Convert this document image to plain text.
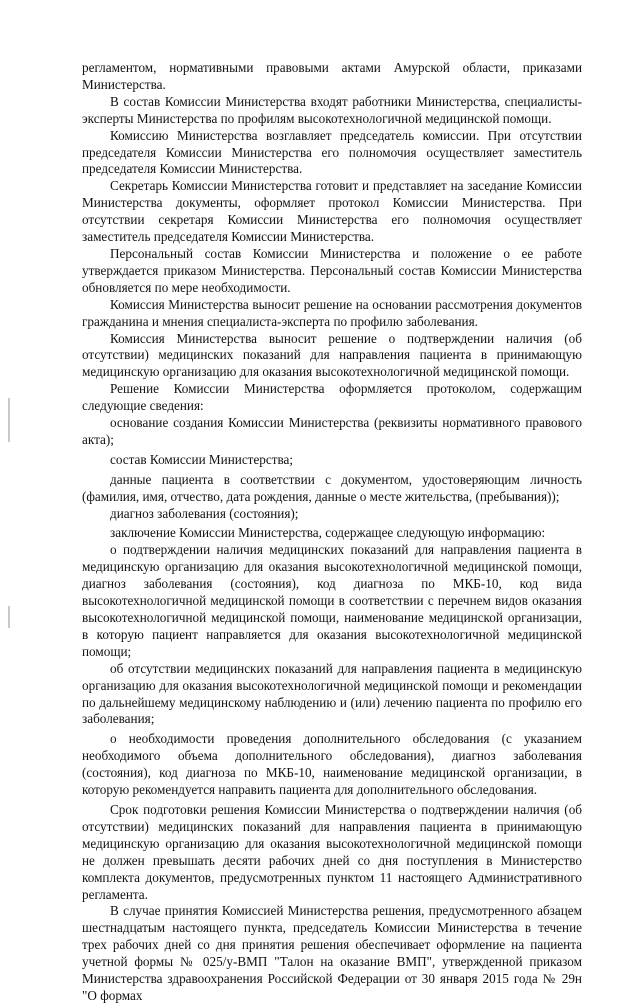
регламентом, нормативными правовыми актами Амурской области, приказами Министерства.

В состав Комиссии Министерства входят работники Министерства, специалисты-эксперты Министерства по профилям высокотехнологичной медицинской помощи.

Комиссию Министерства возглавляет председатель комиссии. При отсутствии председателя Комиссии Министерства его полномочия осуществляет заместитель председателя Комиссии Министерства.

Секретарь Комиссии Министерства готовит и представляет на заседание Комиссии Министерства документы, оформляет протокол Комиссии Министерства. При отсутствии секретаря Комиссии Министерства его полномочия осуществляет заместитель председателя Комиссии Министерства.

Персональный состав Комиссии Министерства и положение о ее работе утверждается приказом Министерства. Персональный состав Комиссии Министерства обновляется по мере необходимости.

Комиссия Министерства выносит решение на основании рассмотрения документов гражданина и мнения специалиста-эксперта по профилю заболевания.

Комиссия Министерства выносит решение о подтверждении наличия (об отсутствии) медицинских показаний для направления пациента в принимающую медицинскую организацию для оказания высокотехнологичной медицинской помощи.

Решение Комиссии Министерства оформляется протоколом, содержащим следующие сведения:

основание создания Комиссии Министерства (реквизиты нормативного правового акта);

состав Комиссии Министерства;

данные пациента в соответствии с документом, удостоверяющим личность (фамилия, имя, отчество, дата рождения, данные о месте жительства, (пребывания));

диагноз заболевания (состояния);

заключение Комиссии Министерства, содержащее следующую информацию:

о подтверждении наличия медицинских показаний для направления пациента в медицинскую организацию для оказания высокотехнологичной медицинской помощи, диагноз заболевания (состояния), код диагноза по МКБ-10, код вида высокотехнологичной медицинской помощи в соответствии с перечнем видов оказания высокотехнологичной медицинской помощи, наименование медицинской организации, в которую пациент направляется для оказания высокотехнологичной медицинской помощи;

об отсутствии медицинских показаний для направления пациента в медицинскую организацию для оказания высокотехнологичной медицинской помощи и рекомендации по дальнейшему медицинскому наблюдению и (или) лечению пациента по профилю его заболевания;

о необходимости проведения дополнительного обследования (с указанием необходимого объема дополнительного обследования), диагноз заболевания (состояния), код диагноза по МКБ-10, наименование медицинской организации, в которую рекомендуется направить пациента для дополнительного обследования.

Срок подготовки решения Комиссии Министерства о подтверждении наличия (об отсутствии) медицинских показаний для направления пациента в принимающую медицинскую организацию для оказания высокотехнологичной медицинской помощи не должен превышать десяти рабочих дней со дня поступления в Министерство комплекта документов, предусмотренных пунктом 11 настоящего Административного регламента.

В случае принятия Комиссией Министерства решения, предусмотренного абзацем шестнадцатым настоящего пункта, председатель Комиссии Министерства в течение трех рабочих дней со дня принятия решения обеспечивает оформление на пациента учетной формы № 025/у-ВМП "Талон на оказание ВМП", утвержденной приказом Министерства здравоохранения Российской Федерации от 30 января 2015 года № 29н "О формах
